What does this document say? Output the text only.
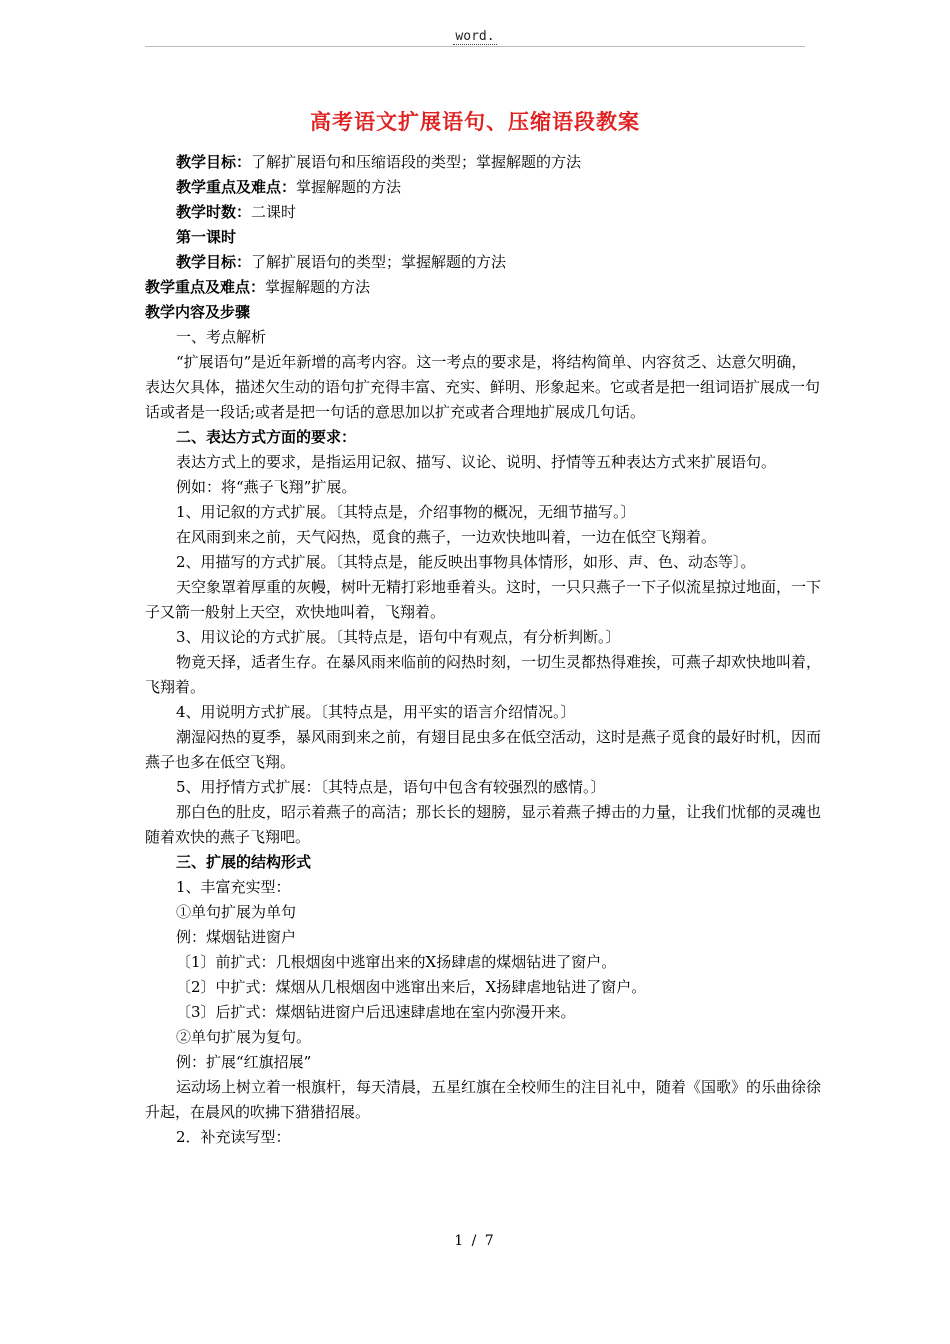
word.
高考语文扩展语句、压缩语段教案

教学目标：了解扩展语句和压缩语段的类型；掌握解题的方法

教学重点及难点：掌握解题的方法

教学时数：二课时

第一课时

教学目标：了解扩展语句的类型；掌握解题的方法

教学重点及难点：掌握解题的方法

教学内容及步骤

一、考点解析

“扩展语句”是近年新增的高考内容。这一考点的要求是，将结构简单、内容贫乏、达意欠明确，表达欠具体，描述欠生动的语句扩充得丰富、充实、鲜明、形象起来。它或者是把一组词语扩展成一句话或者是一段话;或者是把一句话的意思加以扩充或者合理地扩展成几句话。

二、表达方式方面的要求：

表达方式上的要求，是指运用记叙、描写、议论、说明、抒情等五种表达方式来扩展语句。

例如：将“燕子飞翔”扩展。

1、用记叙的方式扩展。〔其特点是，介绍事物的概况，无细节描写。〕

在风雨到来之前，天气闷热，觅食的燕子，一边欢快地叫着，一边在低空飞翔着。

2、用描写的方式扩展。〔其特点是，能反映出事物具体情形，如形、声、色、动态等〕。

天空象罩着厚重的灰幔，树叶无精打彩地垂着头。这时，一只只燕子一下子似流星掠过地面，一下子又箭一般射上天空，欢快地叫着，飞翔着。

3、用议论的方式扩展。〔其特点是，语句中有观点，有分析判断。〕

物竟天择，适者生存。在暴风雨来临前的闷热时刻，一切生灵都热得难挨，可燕子却欢快地叫着，飞翔着。

4、用说明方式扩展。〔其特点是，用平实的语言介绍情况。〕

潮湿闷热的夏季，暴风雨到来之前，有翅目昆虫多在低空活动，这时是燕子觅食的最好时机，因而燕子也多在低空飞翔。

5、用抒情方式扩展：〔其特点是，语句中包含有较强烈的感情。〕

那白色的肚皮，昭示着燕子的高洁；那长长的翅膀，显示着燕子搏击的力量，让我们忧郁的灵魂也随着欢快的燕子飞翔吧。

三、扩展的结构形式

1、丰富充实型：

①单句扩展为单句

例：煤烟钻进窗户

〔1〕前扩式：几根烟囱中逃窜出来的X扬肆虐的煤烟钻进了窗户。

〔2〕中扩式：煤烟从几根烟囱中逃窜出来后，X扬肆虐地钻进了窗户。

〔3〕后扩式：煤烟钻进窗户后迅速肆虐地在室内弥漫开来。

②单句扩展为复句。

例：扩展“红旗招展”

运动场上树立着一根旗杆，每天清晨，五星红旗在全校师生的注目礼中，随着《国歌》的乐曲徐徐升起，在晨风的吹拂下猎猎招展。

2．补充读写型：

1 / 7
